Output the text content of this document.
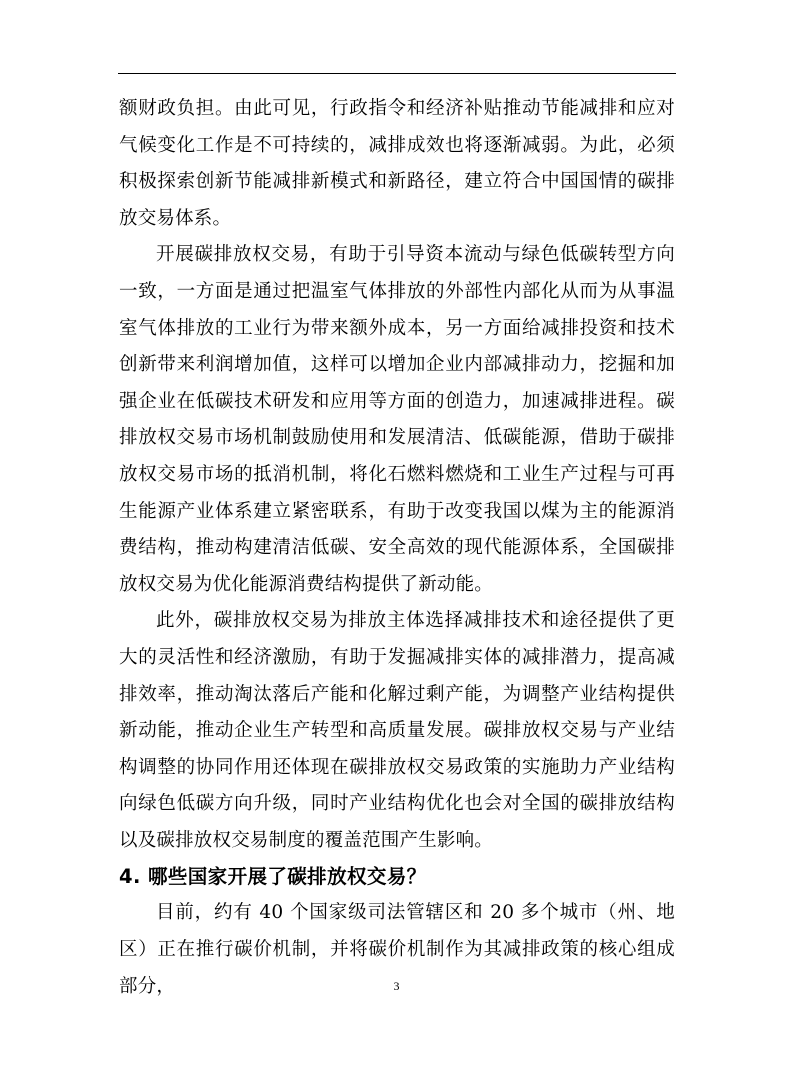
额财政负担。由此可见，行政指令和经济补贴推动节能减排和应对气候变化工作是不可持续的，减排成效也将逐渐减弱。为此，必须积极探索创新节能减排新模式和新路径，建立符合中国国情的碳排放交易体系。

开展碳排放权交易，有助于引导资本流动与绿色低碳转型方向一致，一方面是通过把温室气体排放的外部性内部化从而为从事温室气体排放的工业行为带来额外成本，另一方面给减排投资和技术创新带来利润增加值，这样可以增加企业内部减排动力，挖掘和加强企业在低碳技术研发和应用等方面的创造力，加速减排进程。碳排放权交易市场机制鼓励使用和发展清洁、低碳能源，借助于碳排放权交易市场的抵消机制，将化石燃料燃烧和工业生产过程与可再生能源产业体系建立紧密联系，有助于改变我国以煤为主的能源消费结构，推动构建清洁低碳、安全高效的现代能源体系，全国碳排放权交易为优化能源消费结构提供了新动能。

此外，碳排放权交易为排放主体选择减排技术和途径提供了更大的灵活性和经济激励，有助于发掘减排实体的减排潜力，提高减排效率，推动淘汰落后产能和化解过剩产能，为调整产业结构提供新动能，推动企业生产转型和高质量发展。碳排放权交易与产业结构调整的协同作用还体现在碳排放权交易政策的实施助力产业结构向绿色低碳方向升级，同时产业结构优化也会对全国的碳排放结构以及碳排放权交易制度的覆盖范围产生影响。

4. 哪些国家开展了碳排放权交易？

目前，约有 40 个国家级司法管辖区和 20 多个城市（州、地区）正在推行碳价机制，并将碳价机制作为其减排政策的核心组成部分，	3
